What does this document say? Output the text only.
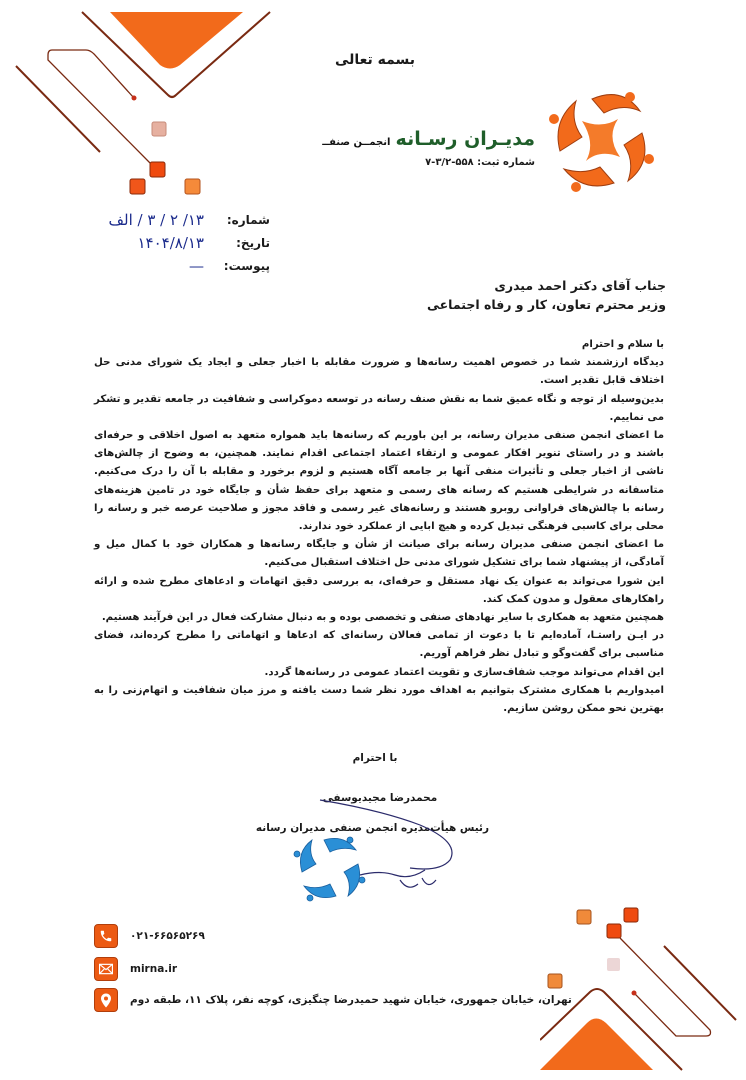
بسمه تعالی
مدیـران رسـانه انجمــن صنفــ
شماره ثبت: ۵۵۸-۳/۲-۷
شماره:
۱۳/ ۲ / ۳ / الف
تاریخ:
۱۴۰۴/۸/۱۳
پیوست:
—
جناب آقای دکتر احمد میدری
وزیر محترم تعاون، کار و رفاه اجتماعی

با سلام و احترام

دیدگاه ارزشمند شما در خصوص اهمیت رسانه‌ها و ضرورت مقابله با اخبار جعلی و ایجاد یک شورای مدنی حل اختلاف قابل تقدیر است.

بدین‌وسیله از توجه و نگاه عمیق شما به نقش صنف رسانه در توسعه دموکراسی و شفافیت در جامعه تقدیر و تشکر می نماییم.

ما اعضای انجمن صنفی مدیران رسانه، بر این باوریم که رسانه‌ها باید همواره متعهد به اصول اخلاقی و حرفه‌ای باشند و در راستای تنویر افکار عمومی و ارتقاء اعتماد اجتماعی اقدام نمایند. همچنین، به وضوح از چالش‌های ناشی از اخبار جعلی و تأثیرات منفی آنها بر جامعه آگاه هستیم و لزوم برخورد و مقابله با آن را درک می‌کنیم. متاسفانه در شرایطی هستیم که رسانه های رسمی و متعهد برای حفظ شأن و جایگاه خود در تامین هزینه‌های رسانه با چالش‌های فراوانی روبرو هستند و رسانه‌های غیر رسمی و فاقد مجوز و صلاحیت عرصه خبر و رسانه را محلی برای کاسبی فرهنگی تبدیل کرده و هیچ ابایی از عملکرد خود ندارند.

ما اعضای انجمن صنفی مدیران رسانه برای صیانت از شأن و جایگاه رسانه‌ها و همکاران خود با کمال میل و آمادگی، از پیشنهاد شما برای تشکیل شورای مدنی حل اختلاف استقبال می‌کنیم.

این شورا می‌تواند به عنوان یک نهاد مستقل و حرفه‌ای، به بررسی دقیق اتهامات و ادعاهای مطرح شده و ارائه راهکارهای معقول و مدون کمک کند.

همچنین متعهد به همکاری با سایر نهادهای صنفی و تخصصی بوده و به دنبال مشارکت فعال در این فرآیند هستیم.

در ایـن راستـا، آماده‌ایم تا با دعوت از تمامی فعالان رسانه‌ای که ادعاها و اتهاماتی را مطرح کرده‌اند، فضای مناسبی برای گفت‌وگو و تبادل نظر فراهم آوریم.

این اقدام می‌تواند موجب شفاف‌سازی و تقویت اعتماد عمومی در رسانه‌ها گردد.

امیدواریم با همکاری مشترک بتوانیم به اهداف مورد نظر شما دست یافته و مرز میان شفافیت و اتهام‌زنی را به بهترین نحو ممکن روشن سازیم.

با احترام
محمدرضا مجیدیوسفی
رئیس هیأت‌مدیره انجمن صنفی مدیران رسانه
۰۲۱-۶۶۵۶۵۲۶۹
mirna.ir
تهران، خیابان جمهوری، خیابان شهید حمیدرضا چنگیزی، کوچه نفر، پلاک ۱۱، طبقه دوم
